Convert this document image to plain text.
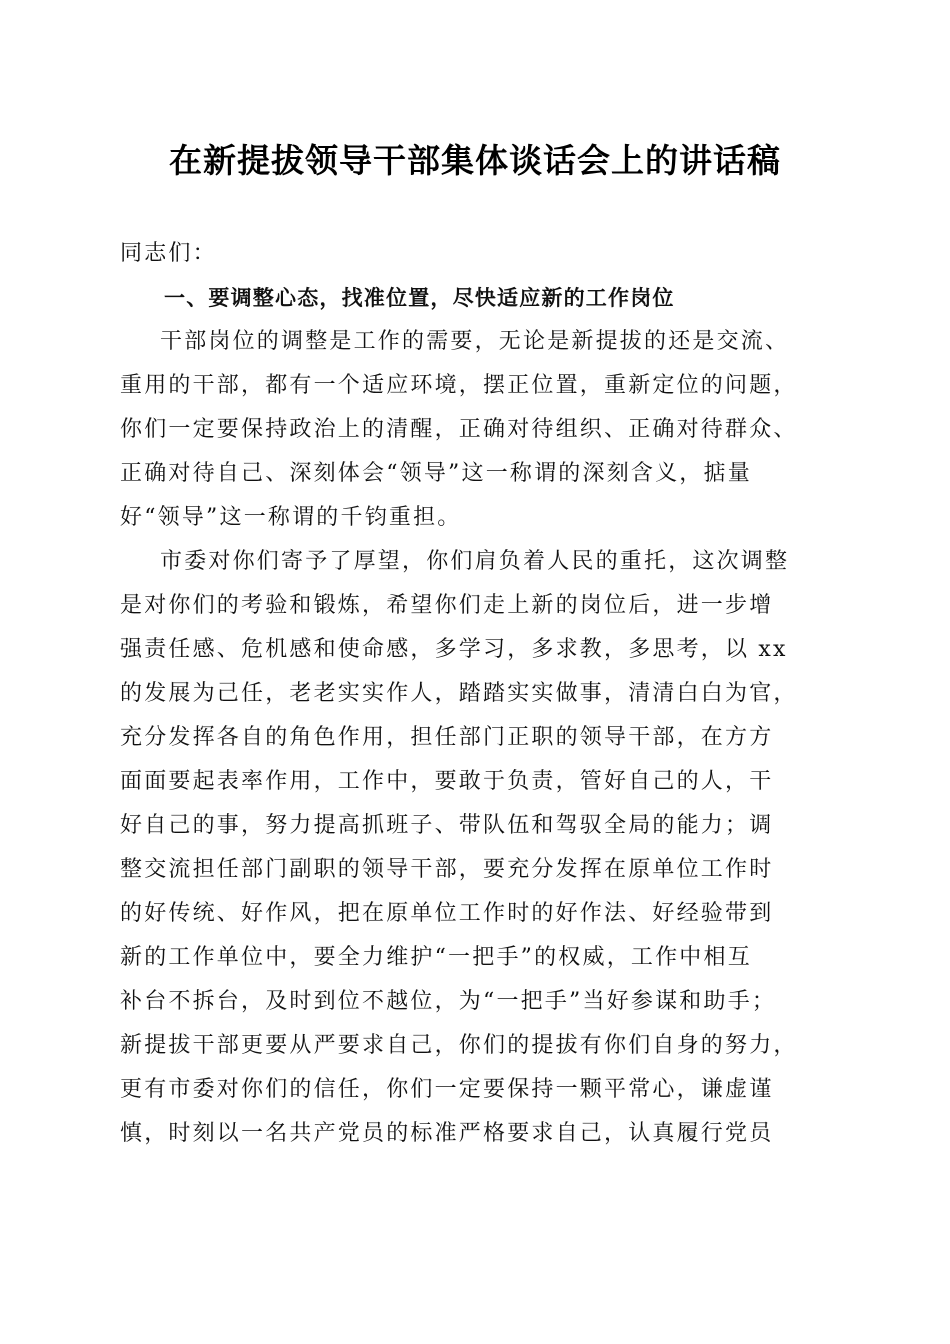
在新提拔领导干部集体谈话会上的讲话稿
同志们：
一、要调整心态，找准位置，尽快适应新的工作岗位
干部岗位的调整是工作的需要，无论是新提拔的还是交流、
重用的干部，都有一个适应环境，摆正位置，重新定位的问题，
你们一定要保持政治上的清醒，正确对待组织、正确对待群众、
正确对待自己、深刻体会“领导”这一称谓的深刻含义，掂量
好“领导”这一称谓的千钧重担。
市委对你们寄予了厚望，你们肩负着人民的重托，这次调整
是对你们的考验和锻炼，希望你们走上新的岗位后，进一步增
强责任感、危机感和使命感，多学习，多求教，多思考，以 xx
的发展为己任，老老实实作人，踏踏实实做事，清清白白为官，
充分发挥各自的角色作用，担任部门正职的领导干部，在方方
面面要起表率作用，工作中，要敢于负责，管好自己的人，干
好自己的事，努力提高抓班子、带队伍和驾驭全局的能力；调
整交流担任部门副职的领导干部，要充分发挥在原单位工作时
的好传统、好作风，把在原单位工作时的好作法、好经验带到
新的工作单位中，要全力维护“一把手”的权威，工作中相互
补台不拆台，及时到位不越位，为“一把手”当好参谋和助手；
新提拔干部更要从严要求自己，你们的提拔有你们自身的努力，
更有市委对你们的信任，你们一定要保持一颗平常心，谦虚谨
慎，时刻以一名共产党员的标准严格要求自己，认真履行党员
